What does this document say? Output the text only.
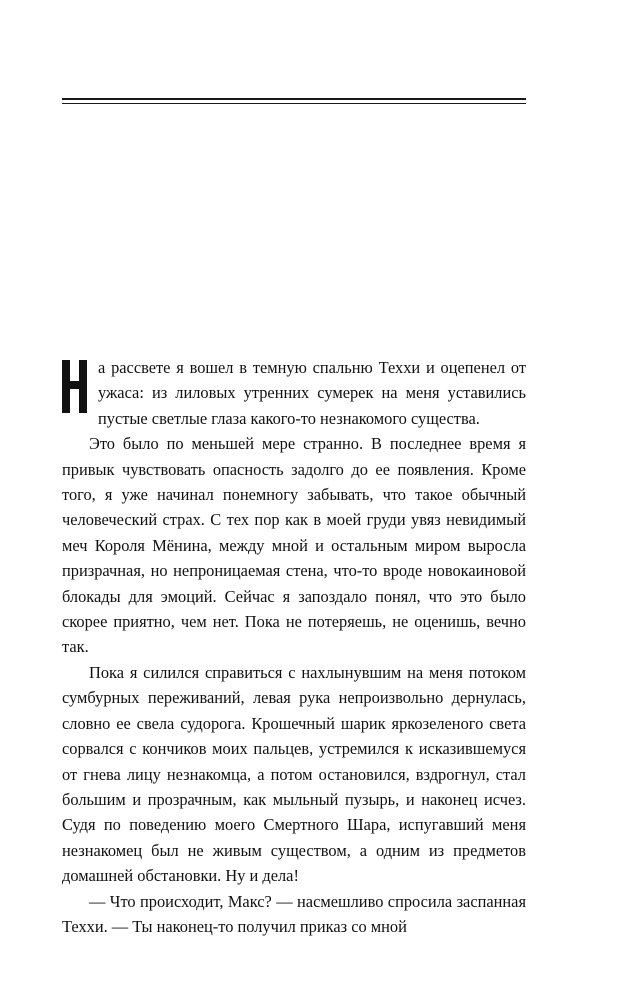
а рассвете я вошел в темную спальню Теххи и оцепенел от ужаса: из лиловых утренних сумерек на меня уставились пустые светлые глаза какого-то незнакомого существа.

Это было по меньшей мере странно. В последнее время я привык чувствовать опасность задолго до ее появления. Кроме того, я уже начинал понемногу забывать, что такое обычный человеческий страх. С тех пор как в моей груди увяз невидимый меч Короля Мёнина, между мной и остальным миром выросла призрачная, но непроницаемая стена, что-то вроде новокаиновой блокады для эмоций. Сейчас я запоздало понял, что это было скорее приятно, чем нет. Пока не потеряешь, не оценишь, вечно так.

Пока я силился справиться с нахлынувшим на меня потоком сумбурных переживаний, левая рука непроизвольно дернулась, словно ее свела судорога. Крошечный шарик яркозеленого света сорвался с кончиков моих пальцев, устремился к исказившемуся от гнева лицу незнакомца, а потом остановился, вздрогнул, стал большим и прозрачным, как мыльный пузырь, и наконец исчез. Судя по поведению моего Смертного Шара, испугавший меня незнакомец был не живым существом, а одним из предметов домашней обстановки. Ну и дела!

— Что происходит, Макс? — насмешливо спросила заспанная Теххи. — Ты наконец-то получил приказ со мной
